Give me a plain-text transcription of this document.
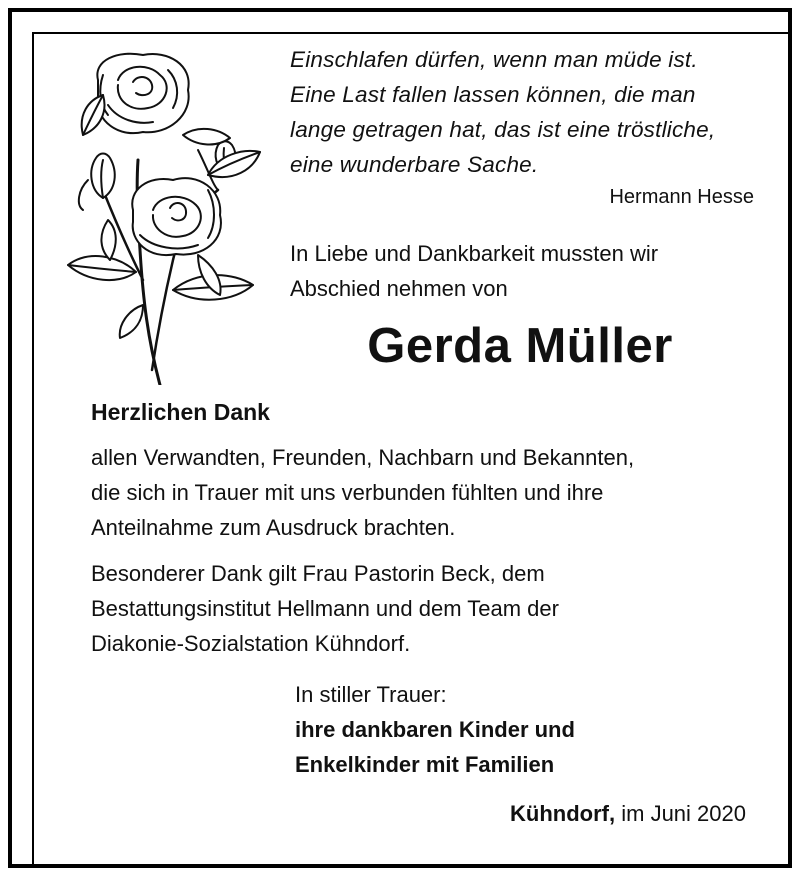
Einschlafen dürfen, wenn man müde ist.
Eine Last fallen lassen können, die man
lange getragen hat, das ist eine tröstliche,
eine wunderbare Sache.
Hermann Hesse
In Liebe und Dankbarkeit mussten wir
Abschied nehmen von
Gerda Müller
Herzlichen Dank
allen Verwandten, Freunden, Nachbarn und Bekannten,
die sich in Trauer mit uns verbunden fühlten und ihre
Anteilnahme zum Ausdruck brachten.
Besonderer Dank gilt Frau Pastorin Beck, dem
Bestattungsinstitut Hellmann und dem Team der
Diakonie-Sozialstation Kühndorf.
In stiller Trauer:
ihre dankbaren Kinder und
Enkelkinder mit Familien
Kühndorf, im Juni 2020
